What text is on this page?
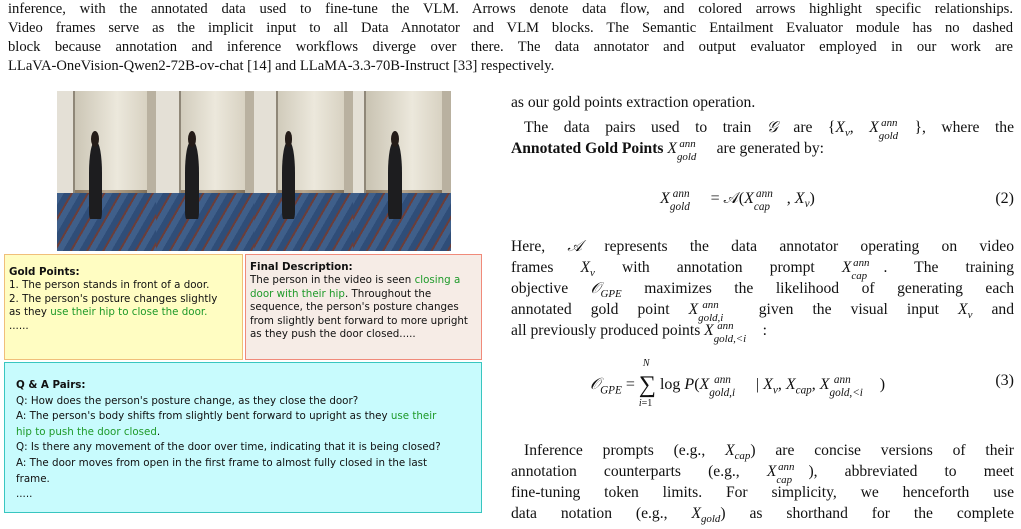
inference, with the annotated data used to fine-tune the VLM. Arrows denote data flow, and colored arrows highlight specific relationships.
Video frames serve as the implicit input to all Data Annotator and VLM blocks. The Semantic Entailment Evaluator module has no dashed
block because annotation and inference workflows diverge over there. The data annotator and output evaluator employed in our work are
LLaVA-OneVision-Qwen2-72B-ov-chat [14] and LLaMA-3.3-70B-Instruct [33] respectively.
Gold Points:
1. The person stands in front of a door.
2. The person's posture changes slightly
as they use their hip to close the door.
......
Final Description:
The person in the video is seen closing a
door with their hip. Throughout the
sequence, the person's posture changes
from slightly bent forward to more upright
as they push the door closed.....
Q & A Pairs:
Q: How does the person's posture change, as they close the door?
A: The person's body shifts from slightly bent forward to upright as they use their
hip to push the door closed.
Q: Is there any movement of the door over time, indicating that it is being closed?
A: The door moves from open in the first frame to almost fully closed in the last
frame.
.....
as our gold points extraction operation.
The data pairs used to train 𝒢 are {$X_v$, $X_{gold}^{ann}$ }, where the
Annotated Gold Points $X_{gold}^{ann}$ are generated by:
$X_{gold}^{ann}$ = $𝒜(X_{cap}^{ann}$ , $X_v$)	(2)
Here, 𝒜 represents the data annotator operating on video
frames $X_v$ with annotation prompt $X_{cap}^{ann}$ . The training
objective 𝒪$_{GPE}$ maximizes the likelihood of generating each
annotated gold point $X_{gold,i}^{ann}$ given the visual input $X_v$ and
all previously produced points $X_{gold,<i}^{ann}$ :
𝒪$_{GPE}$ = ∑
N
i=1
$\log P(X_{gold,i}^{ann}$ | $X_v$, $X_{cap}$, $X_{gold,<i}^{ann}$ )	(3)
Inference prompts (e.g., $X_{cap}$) are concise versions of their
annotation counterparts (e.g., $X_{cap}^{ann}$ ), abbreviated to meet
fine-tuning token limits. For simplicity, we henceforth use
data notation (e.g., $X_{gold}$) as shorthand for the complete
